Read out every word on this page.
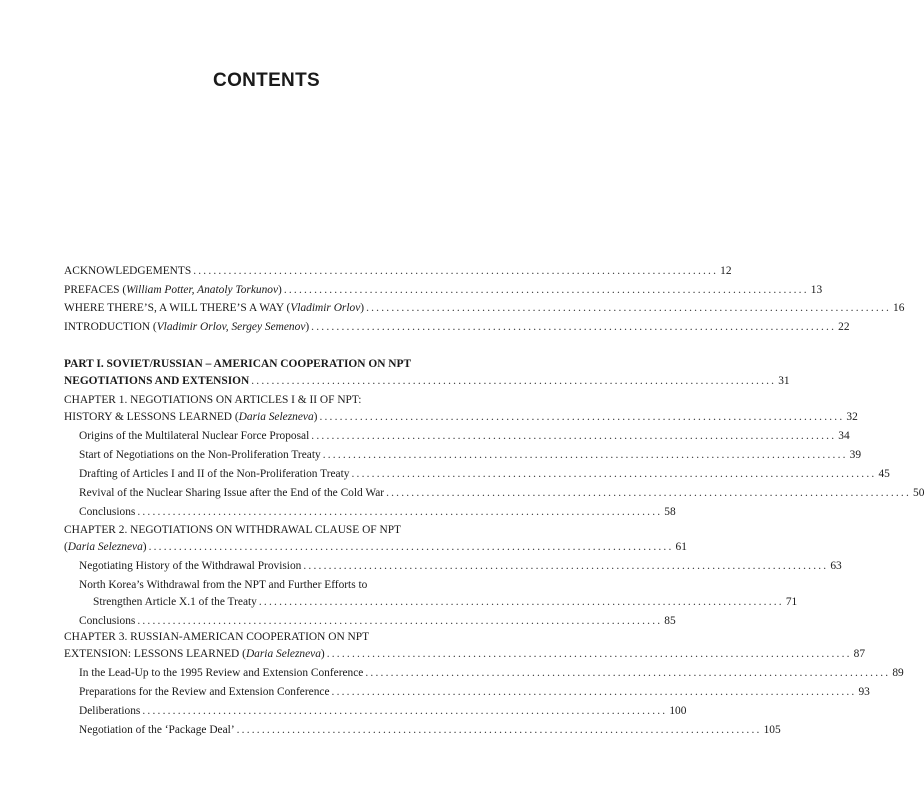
CONTENTS
ACKNOWLEDGEMENTS ........................................................................................................ 12
PREFACES (William Potter, Anatoly Torkunov) ........................................................................................................ 13
WHERE THERE’S, A WILL THERE’S A WAY (Vladimir Orlov) ........................................................................................................ 16
INTRODUCTION (Vladimir Orlov, Sergey Semenov) ........................................................................................................ 22
PART I. SOVIET/RUSSIAN – AMERICAN COOPERATION ON NPT
NEGOTIATIONS AND EXTENSION ........................................................................................................ 31
CHAPTER 1. NEGOTIATIONS ON ARTICLES I & II OF NPT:
HISTORY & LESSONS LEARNED (Daria Selezneva) ........................................................................................................ 32
Origins of the Multilateral Nuclear Force Proposal ........................................................................................................ 34
Start of Negotiations on the Non-Proliferation Treaty ........................................................................................................ 39
Drafting of Articles I and II of the Non-Proliferation Treaty ........................................................................................................ 45
Revival of the Nuclear Sharing Issue after the End of the Cold War ........................................................................................................ 50
Conclusions ........................................................................................................ 58
CHAPTER 2. NEGOTIATIONS ON WITHDRAWAL CLAUSE OF NPT
(Daria Selezneva) ........................................................................................................ 61
Negotiating History of the Withdrawal Provision ........................................................................................................ 63
North Korea’s Withdrawal from the NPT and Further Efforts to
Strengthen Article X.1 of the Treaty ........................................................................................................ 71
Conclusions ........................................................................................................ 85
CHAPTER 3. RUSSIAN-AMERICAN COOPERATION ON NPT
EXTENSION: LESSONS LEARNED (Daria Selezneva) ........................................................................................................ 87
In the Lead-Up to the 1995 Review and Extension Conference ........................................................................................................ 89
Preparations for the Review and Extension Conference ........................................................................................................ 93
Deliberations ........................................................................................................ 100
Negotiation of the ‘Package Deal’ ........................................................................................................ 105
